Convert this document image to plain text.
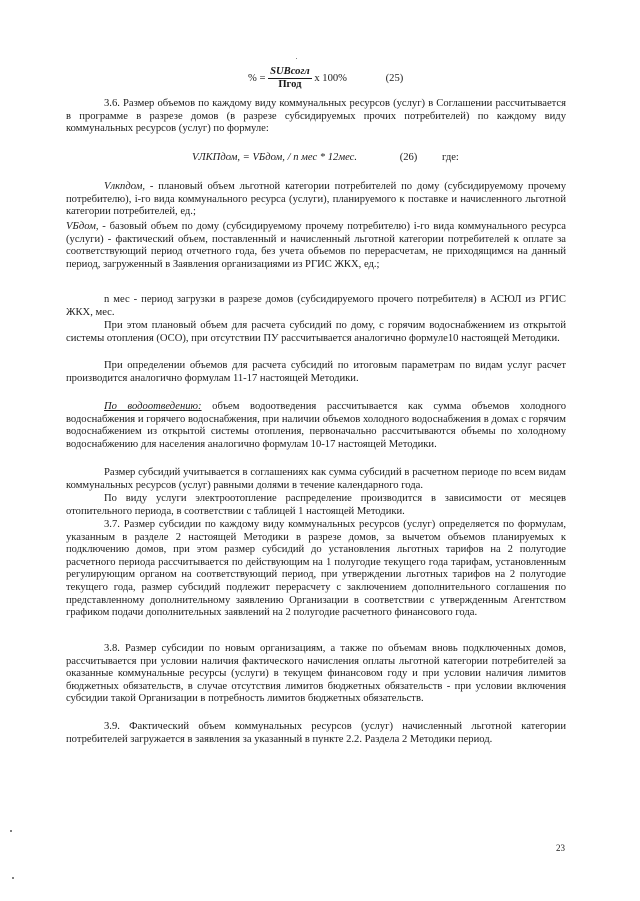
% = $\frac{\text{SUBсогл}}{\text{Пгод}}$ x 100%	(25)

3.6. Размер объемов по каждому виду коммунальных ресурсов (услуг) в Соглашении рассчитывается в программе в разрезе домов (в разрезе субсидируемых прочих потребителей) по каждому виду коммунальных ресурсов (услуг) по формуле:

VЛКПдом, = VБдом, / n мес * 12мес.	(26) где:

Vлкпдом, - плановый объем льготной категории потребителей по дому (субсидируемому прочему потребителю), i-го вида коммунального ресурса (услуги), планируемого к поставке и начисленного льготной категории потребителей, ед.;

VБдом, - базовый объем по дому (субсидируемому прочему потребителю) i-го вида коммунального ресурса (услуги) - фактический объем, поставленный и начисленный льготной категории потребителей к оплате за соответствующий период отчетного года, без учета объемов по перерасчетам, не приходящимся на данный период, загруженный в Заявления организациями из РГИС ЖКХ, ед.;

n мес - период загрузки в разрезе домов (субсидируемого прочего потребителя) в АСЮЛ из РГИС ЖКХ, мес.

При этом плановый объем для расчета субсидий по дому, с горячим водоснабжением из открытой системы отопления (ОСО), при отсутствии ПУ рассчитывается аналогично формуле10 настоящей Методики.

При определении объемов для расчета субсидий по итоговым параметрам по видам услуг расчет производится аналогично формулам 11-17 настоящей Методики.

По водоотведению: объем водоотведения рассчитывается как сумма объемов холодного водоснабжения и горячего водоснабжения, при наличии объемов холодного водоснабжения в домах с горячим водоснабжением из открытой системы отопления, первоначально рассчитываются объемы по холодному водоснабжению для населения аналогично формулам 10-17 настоящей Методики.

Размер субсидий учитывается в соглашениях как сумма субсидий в расчетном периоде по всем видам коммунальных ресурсов (услуг) равными долями в течение календарного года.

По виду услуги электроотопление распределение производится в зависимости от месяцев отопительного периода, в соответствии с таблицей 1 настоящей Методики.

3.7. Размер субсидии по каждому виду коммунальных ресурсов (услуг) определяется по формулам, указанным в разделе 2 настоящей Методики в разрезе домов, за вычетом объемов планируемых к подключению домов, при этом размер субсидий до установления льготных тарифов на 2 полугодие расчетного периода рассчитывается по действующим на 1 полугодие текущего года тарифам, установленным регулирующим органом на соответствующий период, при утверждении льготных тарифов на 2 полугодие текущего года, размер субсидий подлежит перерасчету с заключением дополнительного соглашения по представленному дополнительному заявлению Организации в соответствии с утвержденным Агентством графиком подачи дополнительных заявлений на 2 полугодие расчетного финансового года.

3.8. Размер субсидии по новым организациям, а также по объемам вновь подключенных домов, рассчитывается при условии наличия фактического начисления оплаты льготной категории потребителей за оказанные коммунальные ресурсы (услуги) в текущем финансовом году и при условии наличия лимитов бюджетных обязательств, в случае отсутствия лимитов бюджетных обязательств - при условии включения субсидии такой Организации в потребность лимитов бюджетных обязательств.

3.9. Фактический объем коммунальных ресурсов (услуг) начисленный льготной категории потребителей загружается в заявления за указанный в пункте 2.2. Раздела 2 Методики период.

23
